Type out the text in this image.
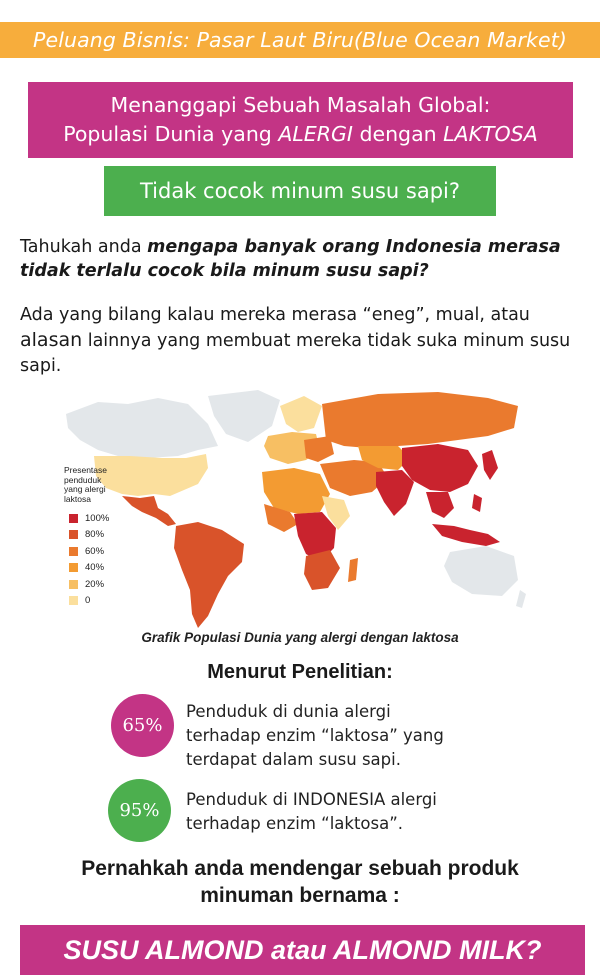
Peluang Bisnis: Pasar Laut Biru(Blue Ocean Market)
Menanggapi Sebuah Masalah Global:
Populasi Dunia yang ALERGI dengan LAKTOSA
Tidak cocok minum susu sapi?

Tahukah anda mengapa banyak orang Indonesia merasa tidak terlalu cocok bila minum susu sapi?

Ada yang bilang kalau mereka merasa “eneg”, mual, atau alasan lainnya yang membuat mereka tidak suka minum susu sapi.

Presentase
penduduk
yang alergi
laktosa
100%
80%
60%
40%
20%
0
Grafik Populasi Dunia yang alergi dengan laktosa
Menurut Penelitian:
65%
Penduduk di dunia alergi
terhadap enzim “laktosa” yang
terdapat dalam susu sapi.
95%
Penduduk di INDONESIA alergi
terhadap enzim “laktosa”.
Pernahkah anda mendengar sebuah produk
minuman bernama :
SUSU ALMOND atau ALMOND MILK?
